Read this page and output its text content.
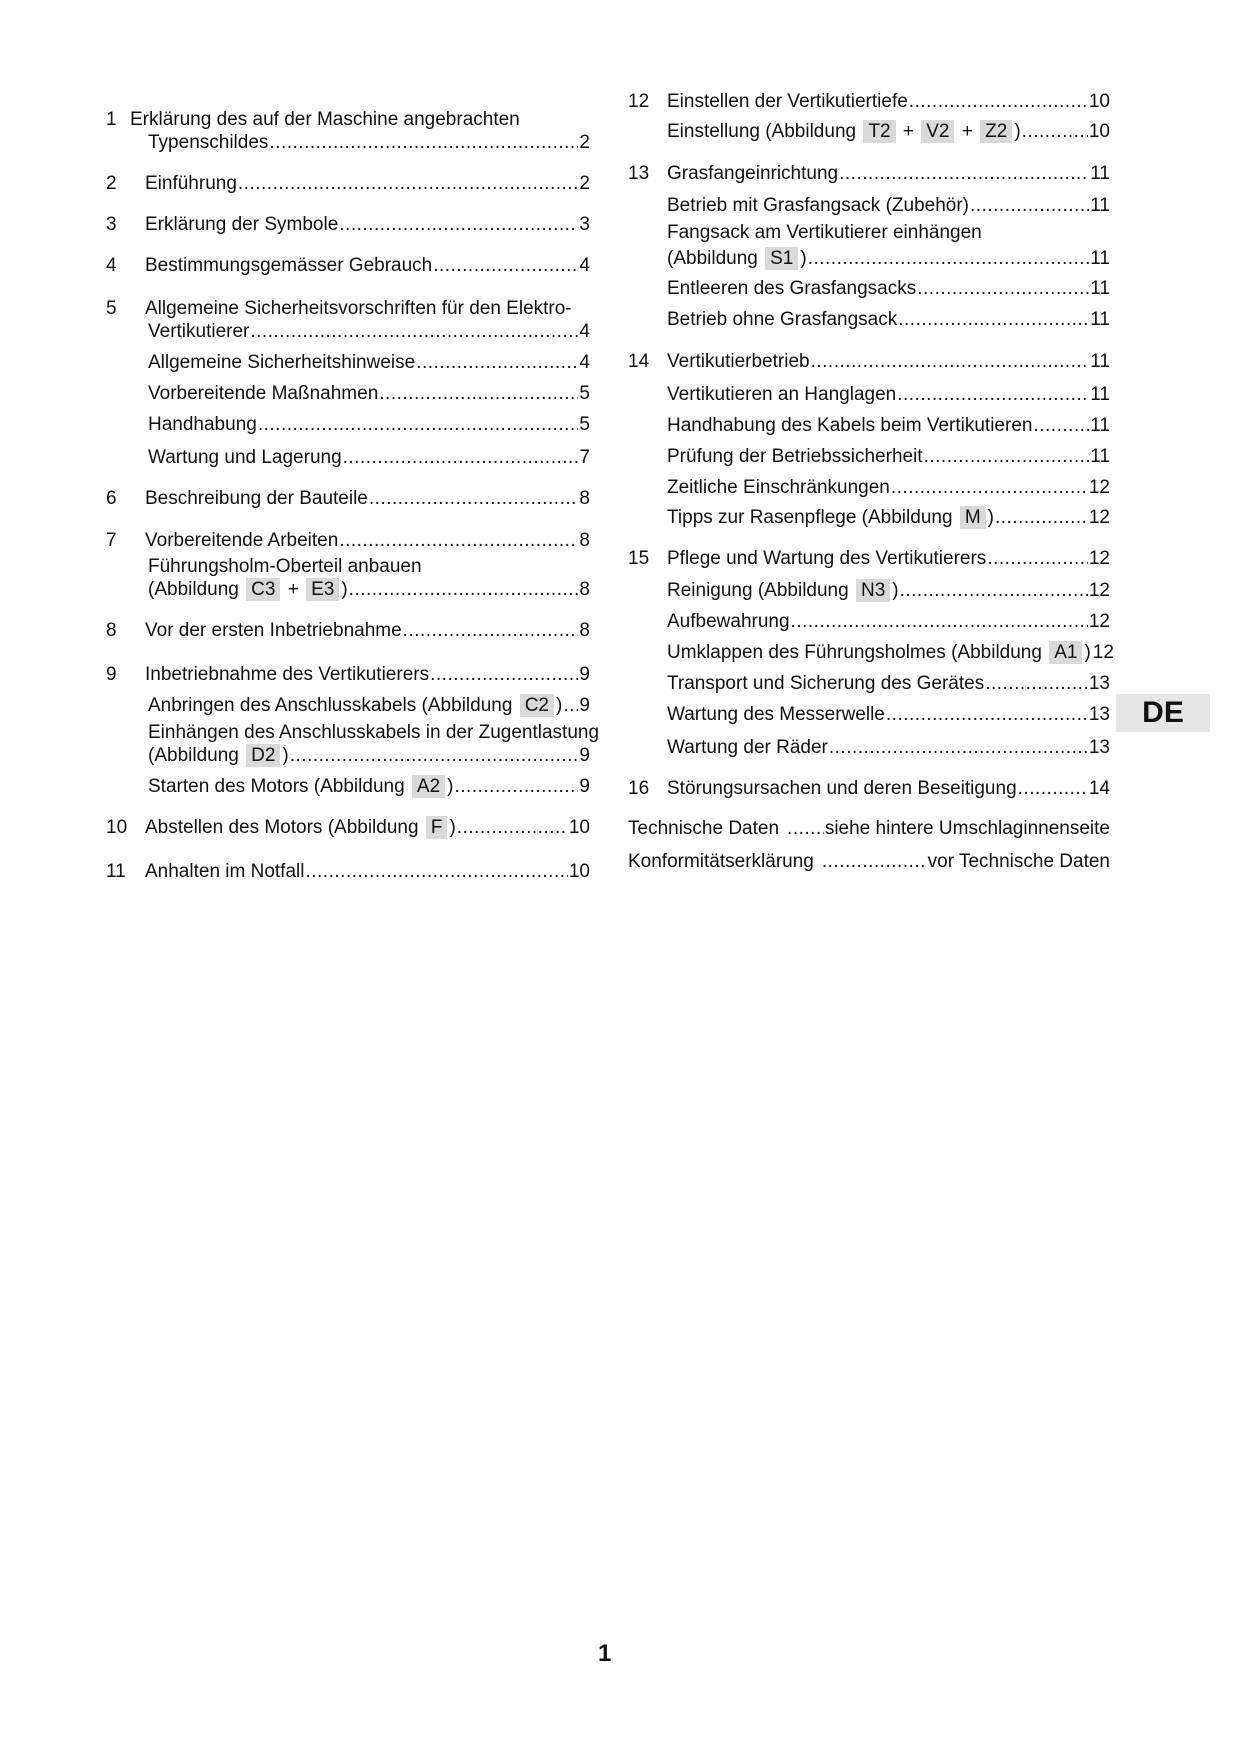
1 Erklärung des auf der Maschine angebrachten
Typenschildes .....	2
2	Einführung .....	2
3	Erklärung der Symbole .....	3
4	Bestimmungsgemässer Gebrauch .....	4
5	Allgemeine Sicherheitsvorschriften für den Elektro-
Vertikutierer .....	4
Allgemeine Sicherheitshinweise .....	4
Vorbereitende Maßnahmen .....	5
Handhabung .....	5
Wartung und Lagerung .....	7
6	Beschreibung der Bauteile .....	8
7	Vorbereitende Arbeiten .....	8
Führungsholm-Oberteil anbauen
(Abbildung C3 + E3 ) .....	8
8	Vor der ersten Inbetriebnahme .....	8
9	Inbetriebnahme des Vertikutierers .....	9
Anbringen des Anschlusskabels (Abbildung C2 ) ..... 9
Einhängen des Anschlusskabels in der Zugentlastung
(Abbildung D2 ) .....	9
Starten des Motors (Abbildung A2 ) .....	9
10 Abstellen des Motors (Abbildung F ) .....	10
11	Anhalten im Notfall .....	10
12 Einstellen der Vertikutiertiefe .....	10
Einstellung (Abbildung T2 + V2 + Z2 ) .....	10
13 Grasfangeinrichtung .....	11
Betrieb mit Grasfangsack (Zubehör) .....	11
Fangsack am Vertikutierer einhängen
(Abbildung S1 ) .....	11
Entleeren des Grasfangsacks .....	11
Betrieb ohne Grasfangsack .....	11
14 Vertikutierbetrieb .....	11
Vertikutieren an Hanglagen .....	11
Handhabung des Kabels beim Vertikutieren .....	11
Prüfung der Betriebssicherheit .....	11
Zeitliche Einschränkungen .....	12
Tipps zur Rasenpflege (Abbildung M ) .....	12
15 Pflege und Wartung des Vertikutierers .....	12
Reinigung (Abbildung N3 ) .....	12
Aufbewahrung .....	12
Umklappen des Führungsholmes (Abbildung A1 ) 12
Transport und Sicherung des Gerätes .....	13
Wartung des Messerwelle .....	13
Wartung der Räder .....	13
16 Störungsursachen und deren Beseitigung .....	14
Technische Daten ..... siehe hintere Umschlaginnenseite
Konformitätserklärung .....	vor Technische Daten
DE
1
